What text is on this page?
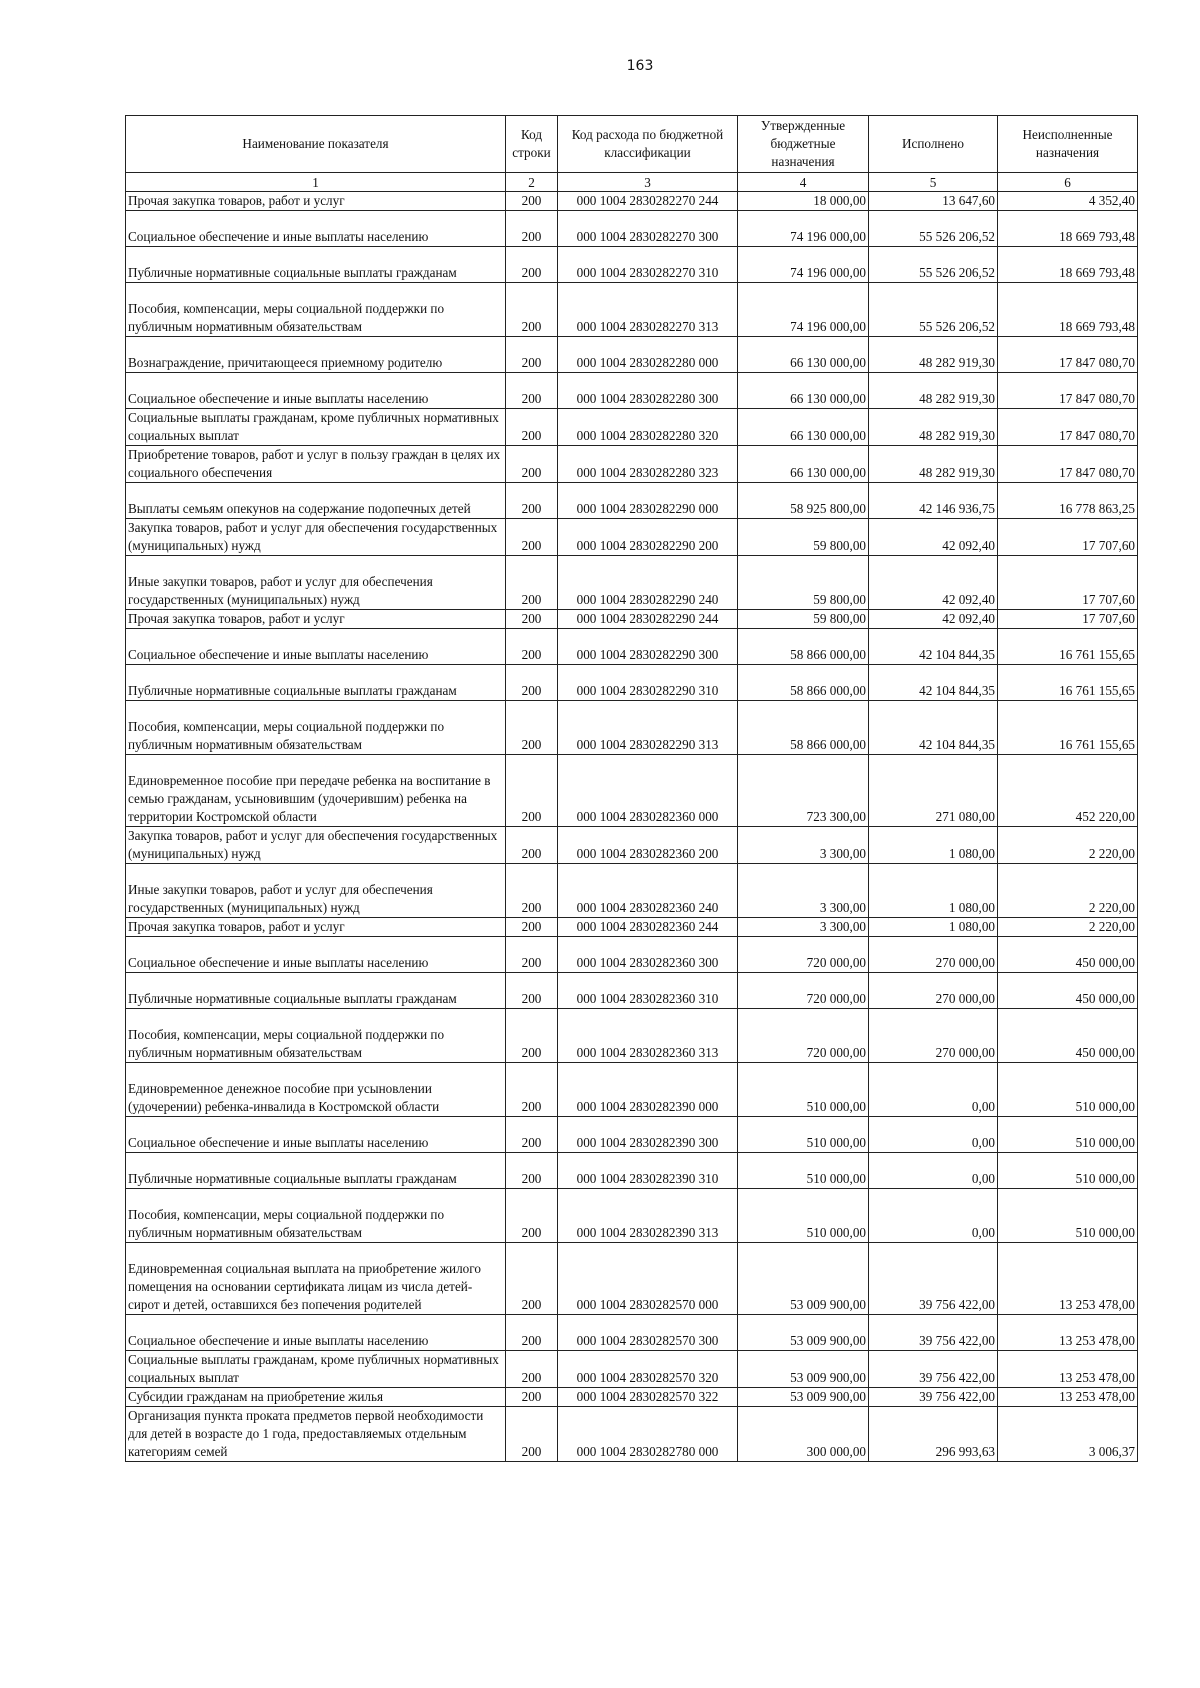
163
Наименование показателя	Код строки	Код расхода по бюджетной классификации	Утвержденные бюджетные назначения	Исполнено	Неисполненные назначения
1	2	3	4	5	6
Прочая закупка товаров, работ и услуг	200	000 1004 2830282270 244	18 000,00	13 647,60	4 352,40
Социальное обеспечение и иные выплаты населению	200	000 1004 2830282270 300	74 196 000,00	55 526 206,52	18 669 793,48
Публичные нормативные социальные выплаты гражданам	200	000 1004 2830282270 310	74 196 000,00	55 526 206,52	18 669 793,48
Пособия, компенсации, меры социальной поддержки по публичным нормативным обязательствам	200	000 1004 2830282270 313	74 196 000,00	55 526 206,52	18 669 793,48
Вознаграждение, причитающееся приемному родителю	200	000 1004 2830282280 000	66 130 000,00	48 282 919,30	17 847 080,70
Социальное обеспечение и иные выплаты населению	200	000 1004 2830282280 300	66 130 000,00	48 282 919,30	17 847 080,70
Социальные выплаты гражданам, кроме публичных нормативных социальных выплат	200	000 1004 2830282280 320	66 130 000,00	48 282 919,30	17 847 080,70
Приобретение товаров, работ и услуг в пользу граждан в целях их социального обеспечения	200	000 1004 2830282280 323	66 130 000,00	48 282 919,30	17 847 080,70
Выплаты семьям опекунов на содержание подопечных детей	200	000 1004 2830282290 000	58 925 800,00	42 146 936,75	16 778 863,25
Закупка товаров, работ и услуг для обеспечения государственных (муниципальных) нужд	200	000 1004 2830282290 200	59 800,00	42 092,40	17 707,60
Иные закупки товаров, работ и услуг для обеспечения государственных (муниципальных) нужд	200	000 1004 2830282290 240	59 800,00	42 092,40	17 707,60
Прочая закупка товаров, работ и услуг	200	000 1004 2830282290 244	59 800,00	42 092,40	17 707,60
Социальное обеспечение и иные выплаты населению	200	000 1004 2830282290 300	58 866 000,00	42 104 844,35	16 761 155,65
Публичные нормативные социальные выплаты гражданам	200	000 1004 2830282290 310	58 866 000,00	42 104 844,35	16 761 155,65
Пособия, компенсации, меры социальной поддержки по публичным нормативным обязательствам	200	000 1004 2830282290 313	58 866 000,00	42 104 844,35	16 761 155,65
Единовременное пособие при передаче ребенка на воспитание в семью гражданам, усыновившим (удочерившим) ребенка на территории Костромской области	200	000 1004 2830282360 000	723 300,00	271 080,00	452 220,00
Закупка товаров, работ и услуг для обеспечения государственных (муниципальных) нужд	200	000 1004 2830282360 200	3 300,00	1 080,00	2 220,00
Иные закупки товаров, работ и услуг для обеспечения государственных (муниципальных) нужд	200	000 1004 2830282360 240	3 300,00	1 080,00	2 220,00
Прочая закупка товаров, работ и услуг	200	000 1004 2830282360 244	3 300,00	1 080,00	2 220,00
Социальное обеспечение и иные выплаты населению	200	000 1004 2830282360 300	720 000,00	270 000,00	450 000,00
Публичные нормативные социальные выплаты гражданам	200	000 1004 2830282360 310	720 000,00	270 000,00	450 000,00
Пособия, компенсации, меры социальной поддержки по публичным нормативным обязательствам	200	000 1004 2830282360 313	720 000,00	270 000,00	450 000,00
Единовременное денежное пособие при усыновлении (удочерении) ребенка-инвалида в Костромской области	200	000 1004 2830282390 000	510 000,00	0,00	510 000,00
Социальное обеспечение и иные выплаты населению	200	000 1004 2830282390 300	510 000,00	0,00	510 000,00
Публичные нормативные социальные выплаты гражданам	200	000 1004 2830282390 310	510 000,00	0,00	510 000,00
Пособия, компенсации, меры социальной поддержки по публичным нормативным обязательствам	200	000 1004 2830282390 313	510 000,00	0,00	510 000,00
Единовременная социальная выплата на приобретение жилого помещения на основании сертификата лицам из числа детей-сирот и детей, оставшихся без попечения родителей	200	000 1004 2830282570 000	53 009 900,00	39 756 422,00	13 253 478,00
Социальное обеспечение и иные выплаты населению	200	000 1004 2830282570 300	53 009 900,00	39 756 422,00	13 253 478,00
Социальные выплаты гражданам, кроме публичных нормативных социальных выплат	200	000 1004 2830282570 320	53 009 900,00	39 756 422,00	13 253 478,00
Субсидии гражданам на приобретение жилья	200	000 1004 2830282570 322	53 009 900,00	39 756 422,00	13 253 478,00
Организация пункта проката предметов первой необходимости для детей в возрасте до 1 года, предоставляемых отдельным категориям семей	200	000 1004 2830282780 000	300 000,00	296 993,63	3 006,37
